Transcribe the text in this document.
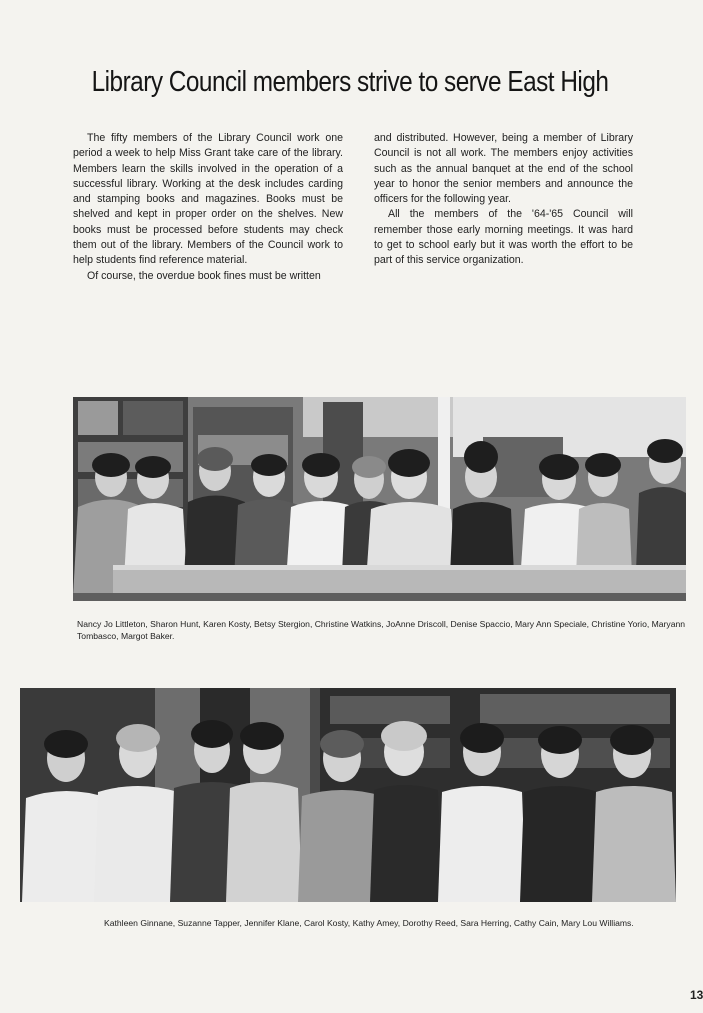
Library Council members strive to serve East High

The fifty members of the Library Council work one period a week to help Miss Grant take care of the library. Members learn the skills involved in the operation of a successful library. Working at the desk includes carding and stamping books and magazines. Books must be shelved and kept in proper order on the shelves. New books must be processed before students may check them out of the library. Members of the Council work to help students find reference material.

Of course, the overdue book fines must be written

and distributed. However, being a member of Library Council is not all work. The members enjoy activities such as the annual banquet at the end of the school year to honor the senior members and announce the officers for the following year.

All the members of the '64-'65 Council will remember those early morning meetings. It was hard to get to school early but it was worth the effort to be part of this service organization.

Nancy Jo Littleton, Sharon Hunt, Karen Kosty, Betsy Stergion, Christine Watkins, JoAnne Driscoll, Denise Spaccio, Mary Ann Speciale, Christine Yorio, Maryann Tombasco, Margot Baker.
Kathleen Ginnane, Suzanne Tapper, Jennifer Klane, Carol Kosty, Kathy Amey, Dorothy Reed, Sara Herring, Cathy Cain, Mary Lou Williams.
13
